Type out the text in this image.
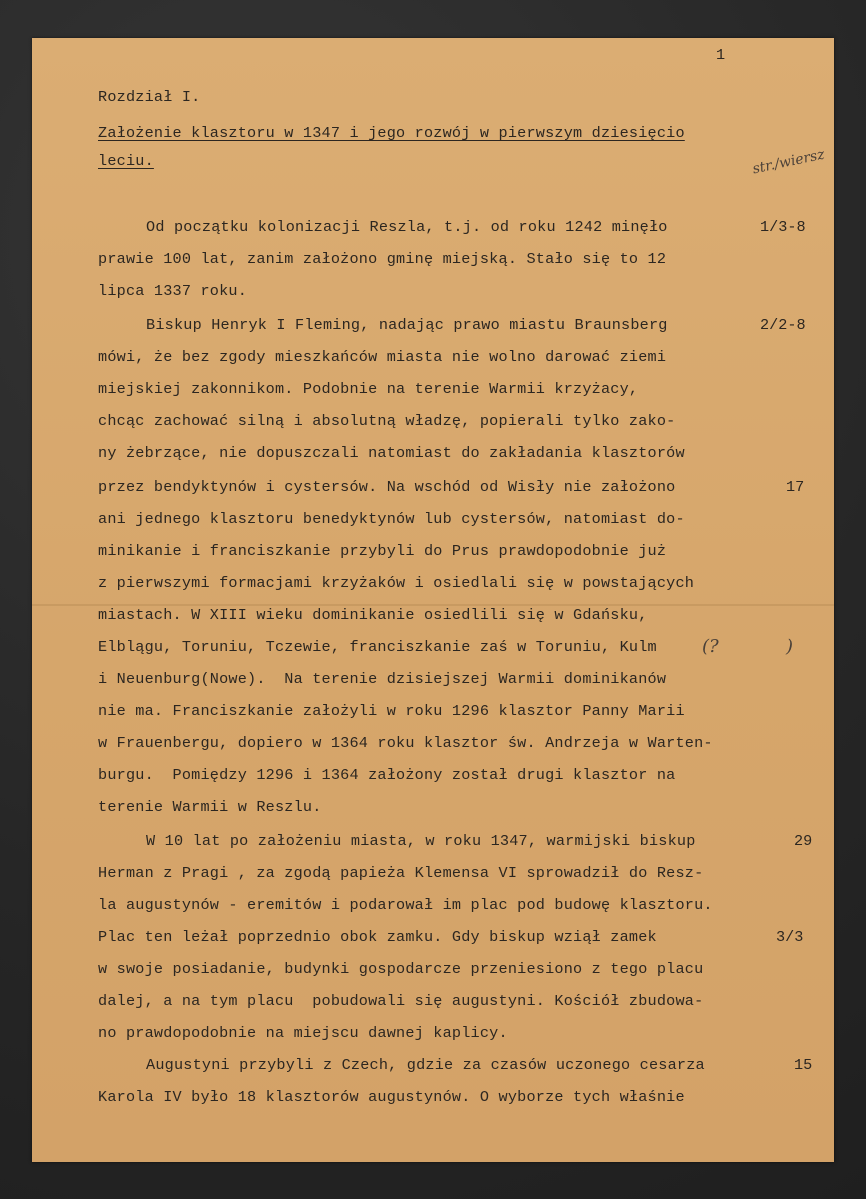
1
Rozdział I.
Założenie klasztoru w 1347 i jego rozwój w pierwszym dziesięcio
leciu.	str./wiersz
Od początku kolonizacji Reszla, t.j. od roku 1242 minęło
prawie 100 lat, zanim założono gminę miejską. Stało się to 12
lipca 1337 roku.
Biskup Henryk I Fleming, nadając prawo miastu Braunsberg
mówi, że bez zgody mieszkańców miasta nie wolno darować ziemi
miejskiej zakonnikom. Podobnie na terenie Warmii krzyżacy,
chcąc zachować silną i absolutną władzę, popierali tylko zako-
ny żebrzące, nie dopuszczali natomiast do zakładania klasztorów
przez bendyktynów i cystersów. Na wschód od Wisły nie założono
ani jednego klasztoru benedyktynów lub cystersów, natomiast do-
minikanie i franciszkanie przybyli do Prus prawdopodobnie już
z pierwszymi formacjami krzyżaków i osiedlali się w powstających
miastach. W XIII wieku dominikanie osiedlili się w Gdańsku,
Elblągu, Toruniu, Tczewie, franciszkanie zaś w Toruniu, Kulm
i Neuenburg(Nowe).  Na terenie dzisiejszej Warmii dominikanów
nie ma. Franciszkanie założyli w roku 1296 klasztor Panny Marii
w Frauenbergu, dopiero w 1364 roku klasztor św. Andrzeja w Warten-
burgu.  Pomiędzy 1296 i 1364 założony został drugi klasztor na
terenie Warmii w Reszlu.
W 10 lat po założeniu miasta, w roku 1347, warmijski biskup
Herman z Pragi , za zgodą papieża Klemensa VI sprowadził do Resz-
la augustynów - eremitów i podarował im plac pod budowę klasztoru.
Plac ten leżał poprzednio obok zamku. Gdy biskup wziął zamek
w swoje posiadanie, budynki gospodarcze przeniesiono z tego placu
dalej, a na tym placu  pobudowali się augustyni. Kościół zbudowa-
no prawdopodobnie na miejscu dawnej kaplicy.
Augustyni przybyli z Czech, gdzie za czasów uczonego cesarza
Karola IV było 18 klasztorów augustynów. O wyborze tych właśnie
(?	)
1/3-8
2/2-8
17
29
3/3
15
